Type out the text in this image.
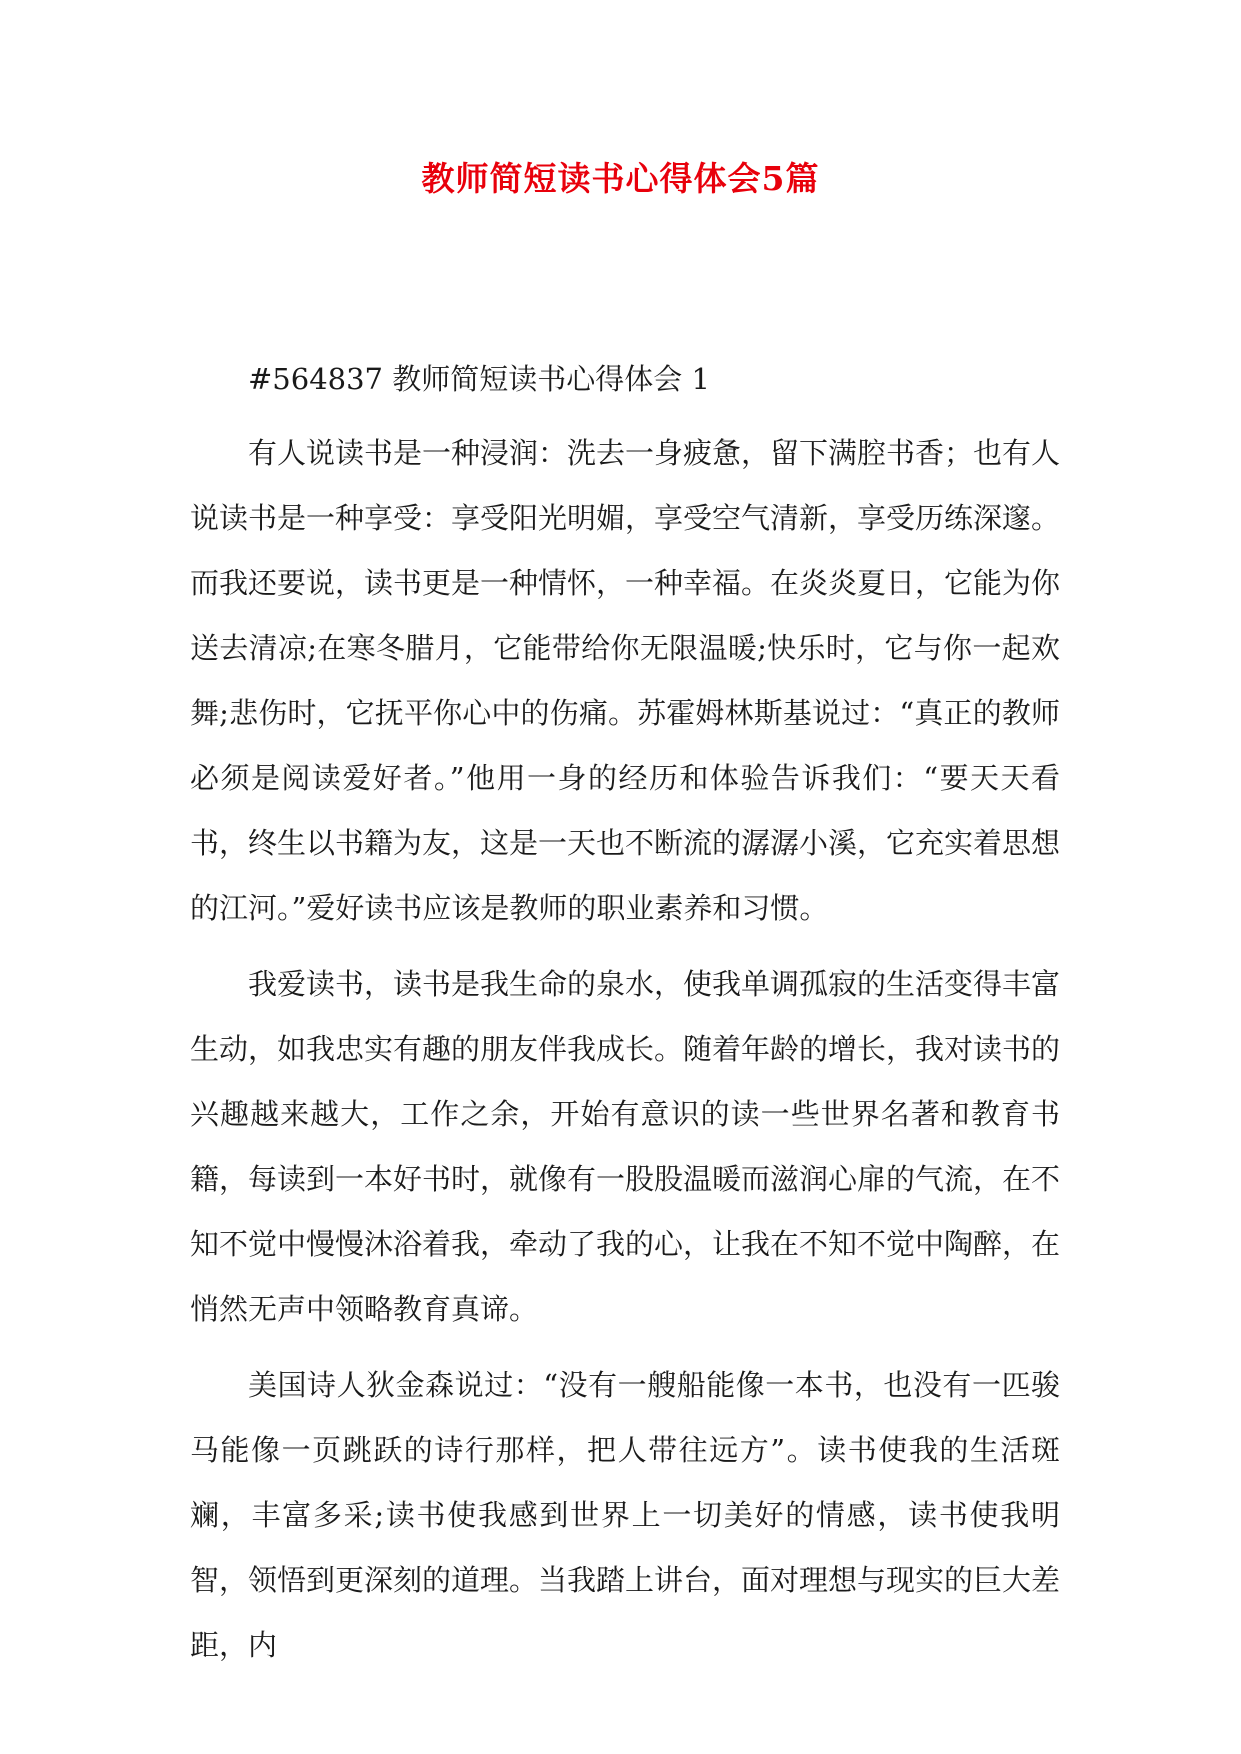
教师简短读书心得体会5篇

#564837 教师简短读书心得体会 1

有人说读书是一种浸润：洗去一身疲惫，留下满腔书香；也有人说读书是一种享受：享受阳光明媚，享受空气清新，享受历练深邃。而我还要说，读书更是一种情怀，一种幸福。在炎炎夏日，它能为你送去清凉;在寒冬腊月，它能带给你无限温暖;快乐时，它与你一起欢舞;悲伤时，它抚平你心中的伤痛。苏霍姆林斯基说过：“真正的教师必须是阅读爱好者。”他用一身的经历和体验告诉我们：“要天天看书，终生以书籍为友，这是一天也不断流的潺潺小溪，它充实着思想的江河。”爱好读书应该是教师的职业素养和习惯。

我爱读书，读书是我生命的泉水，使我单调孤寂的生活变得丰富生动，如我忠实有趣的朋友伴我成长。随着年龄的增长，我对读书的兴趣越来越大，工作之余，开始有意识的读一些世界名著和教育书籍，每读到一本好书时，就像有一股股温暖而滋润心扉的气流，在不知不觉中慢慢沐浴着我，牵动了我的心，让我在不知不觉中陶醉，在悄然无声中领略教育真谛。

美国诗人狄金森说过：“没有一艘船能像一本书，也没有一匹骏马能像一页跳跃的诗行那样，把人带往远方”。读书使我的生活斑斓，丰富多采;读书使我感到世界上一切美好的情感，读书使我明智，领悟到更深刻的道理。当我踏上讲台，面对理想与现实的巨大差距，内
